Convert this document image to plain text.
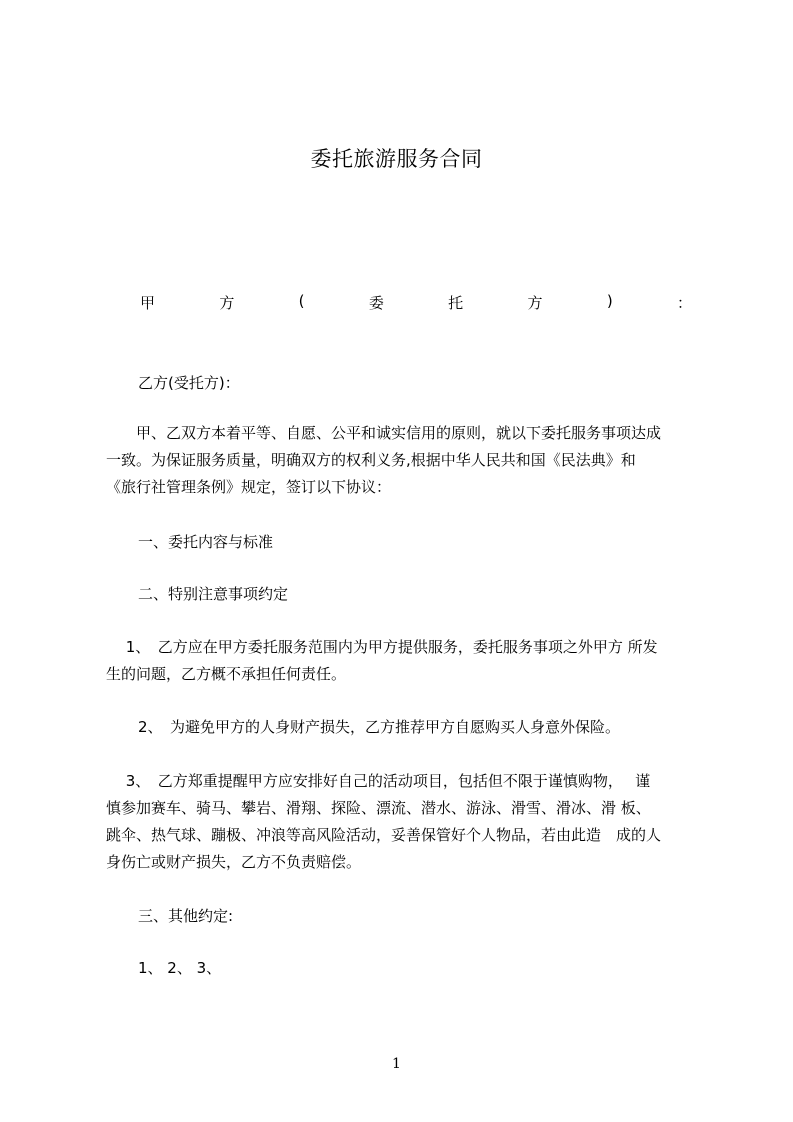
委托旅游服务合同
甲	方	(	委	托	方	)	：
乙方(受托方)：

　　甲、乙双方本着平等、自愿、公平和诚实信用的原则，就以下委托服务事项达成

一致。为保证服务质量，明确双方的权利义务,根据中华人民共和国《民法典》和

《旅行社管理条例》规定，签订以下协议：

一、委托内容与标准
二、特别注意事项约定

　 1、　乙方应在甲方委托服务范围内为甲方提供服务，委托服务事项之外甲方 所发

生的问题，乙方概不承担任何责任。

2、　为避免甲方的人身财产损失，乙方推荐甲方自愿购买人身意外保险。

　 3、　乙方郑重提醒甲方应安排好自己的活动项目，包括但不限于谨慎购物，　 谨

慎参加赛车、骑马、攀岩、滑翔、探险、漂流、潜水、游泳、滑雪、滑冰、滑 板、

跳伞、热气球、蹦极、冲浪等高风险活动，妥善保管好个人物品，若由此造　成的人

身伤亡或财产损失，乙方不负责赔偿。

三、其他约定:
1、 2、 3、
1
